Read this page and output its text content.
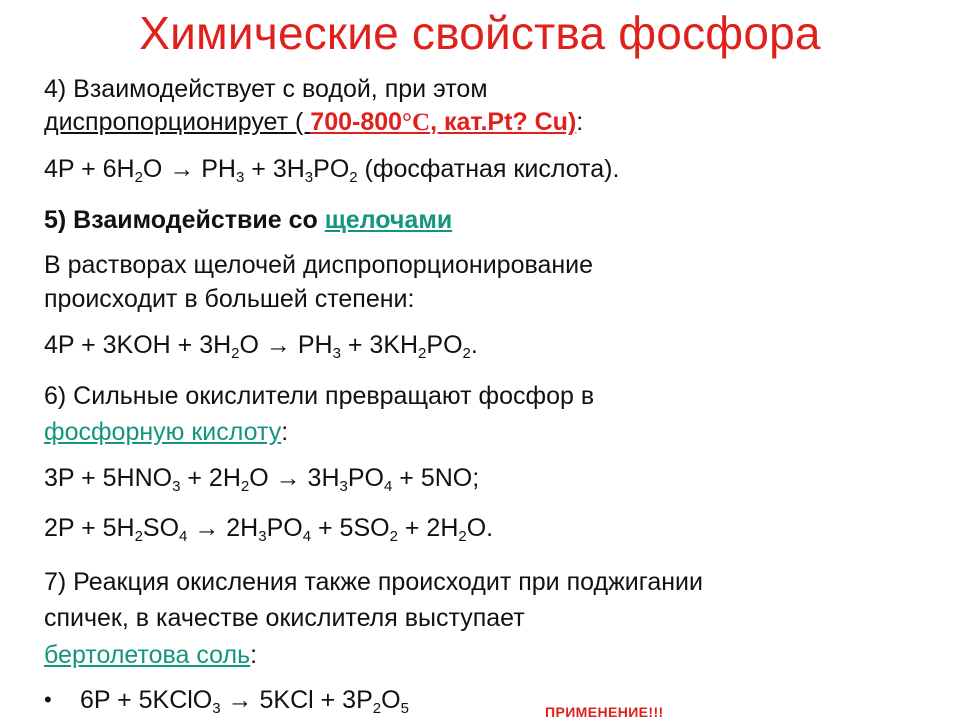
Химические свойства фосфора
4) Взаимодействует с водой, при этом
диспропорционирует ( 700-800°C, кат.Pt? Cu):
$4P + 6H_2O \to PH_3 + 3H_3PO_2$ (фосфатная кислота).
5) Взаимодействие со щелочами
В растворах щелочей диспропорционирование
происходит в большей степени:
$4P + 3KOH + 3H_2O \to PH_3 + 3KH_2PO_2$.
6) Сильные окислители превращают фосфор в
фосфорную кислоту:
$3P + 5HNO_3 + 2H_2O \to 3H_3PO_4 + 5NO$;
$2P + 5H_2SO_4 \to 2H_3PO_4 + 5SO_2 + 2H_2O$.
7) Реакция окисления также происходит при поджигании
спичек, в качестве окислителя выступает
бертолетова соль:
• 6P + 5KClO$_3$ → $5KCl + 3P_2O_5$	ПРИМЕНЕНИЕ!!!
